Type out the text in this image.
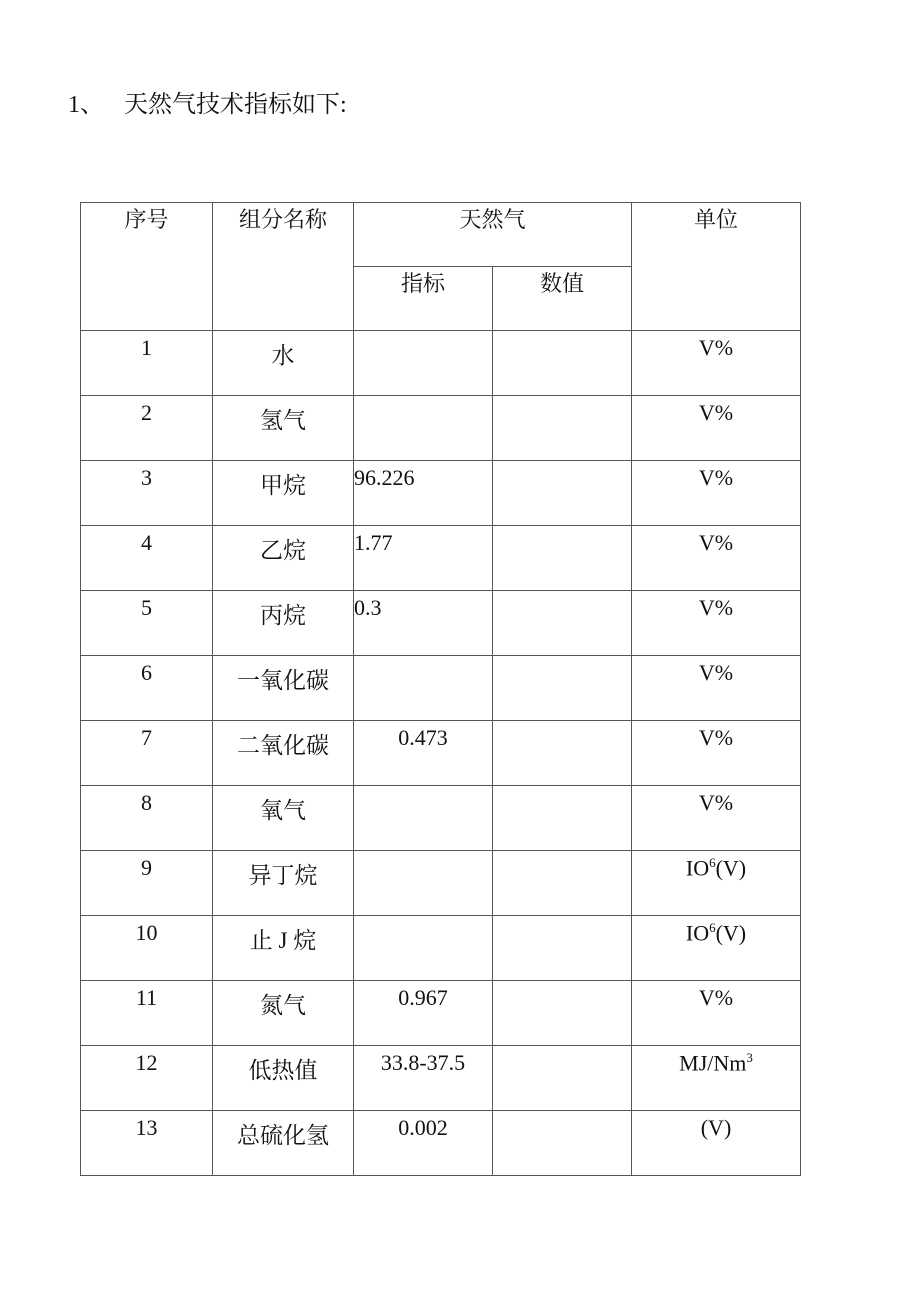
1、 天然气技术指标如下:
序号	组分名称	天然气		单位
		指标	数值	
1	水			V%
2	氢气			V%
3	甲烷	96.226		V%
4	乙烷	1.77		V%
5	丙烷	0.3		V%
6	一氧化碳			V%
7	二氧化碳	0.473		V%
8	氧气			V%
9	异丁烷			$IO^6(V)$
10	止 J 烷			$IO^6(V)$
11	氮气	0.967		V%
12	低热值	33.8-37.5		MJ/Nm$^3$
13	总硫化氢	0.002		(V)
